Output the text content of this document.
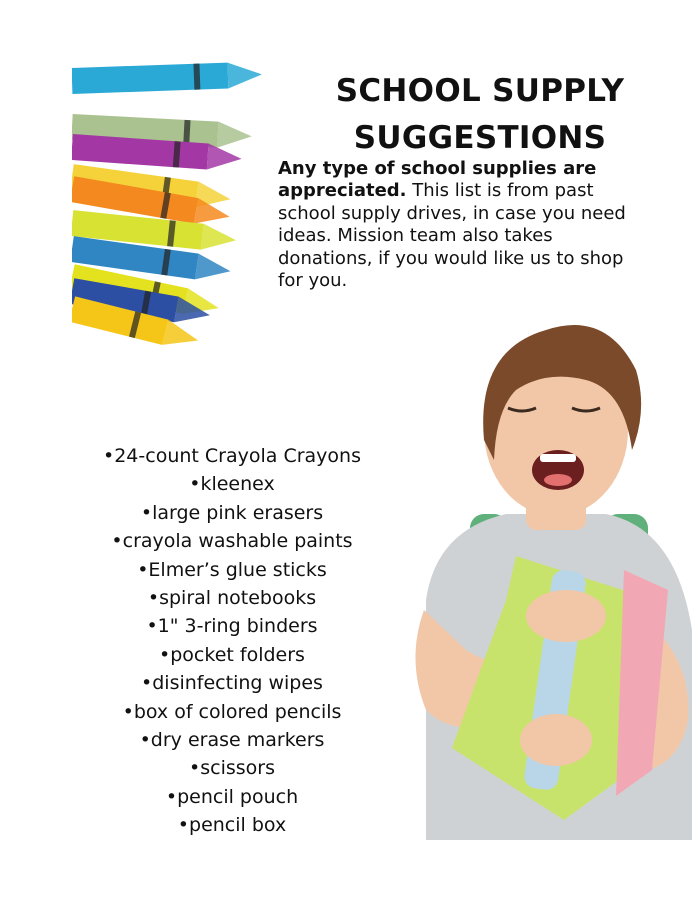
SCHOOL SUPPLY
SUGGESTIONS
Any type of school supplies are appreciated. This list is from past school supply drives, in case you need ideas. Mission team also takes donations, if you would like us to shop for you.
•24-count Crayola Crayons
•kleenex
•large pink erasers
•crayola washable paints
•Elmer’s glue sticks
•spiral notebooks
•1" 3-ring binders
•pocket folders
•disinfecting wipes
•box of colored pencils
•dry erase markers
•scissors
•pencil pouch
•pencil box
